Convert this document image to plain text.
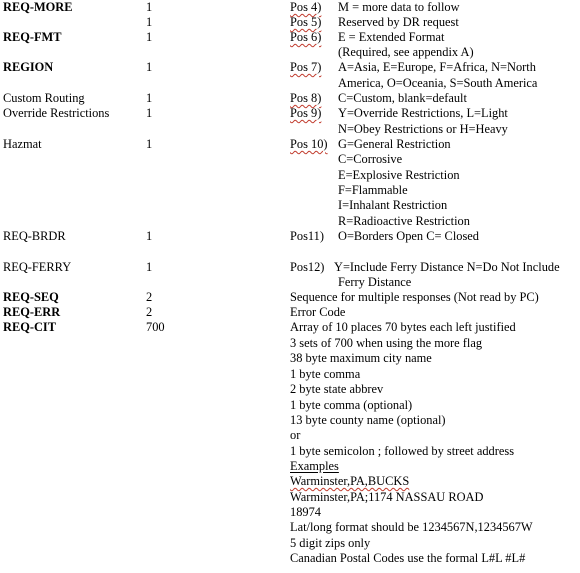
REQ-MORE
REQ-FMT
REGION
Custom Routing
Override Restrictions
Hazmat
REQ-BRDR
REQ-FERRY
REQ-SEQ
REQ-ERR
REQ-CIT
1
1
1
1
1
1
1
1
1
2
2
700
Pos 4)
Pos 5)
Pos 6)
Pos 7)
Pos 8)
Pos 9)
Pos 10)
Pos11)
Pos12)
M = more data to follow
Reserved by DR request
E = Extended Format
(Required, see appendix A)
A=Asia, E=Europe, F=Africa, N=North
America, O=Oceania, S=South America
C=Custom, blank=default
Y=Override Restrictions, L=Light
N=Obey Restrictions or H=Heavy
G=General Restriction
C=Corrosive
E=Explosive Restriction
F=Flammable
I=Inhalant Restriction
R=Radioactive Restriction
O=Borders Open C= Closed
Y=Include Ferry Distance N=Do Not Include
Ferry Distance
Sequence for multiple responses (Not read by PC)
Error Code
Array of 10 places 70 bytes each left justified
3 sets of 700 when using the more flag
38 byte maximum city name
1 byte comma
2 byte state abbrev
1 byte comma (optional)
13 byte county name (optional)
or
1 byte semicolon ; followed by street address
Examples
Warminster,PA,BUCKS
Warminster,PA;1174 NASSAU ROAD
18974
Lat/long format should be 1234567N,1234567W
5 digit zips only
Canadian Postal Codes use the formal L#L #L#
